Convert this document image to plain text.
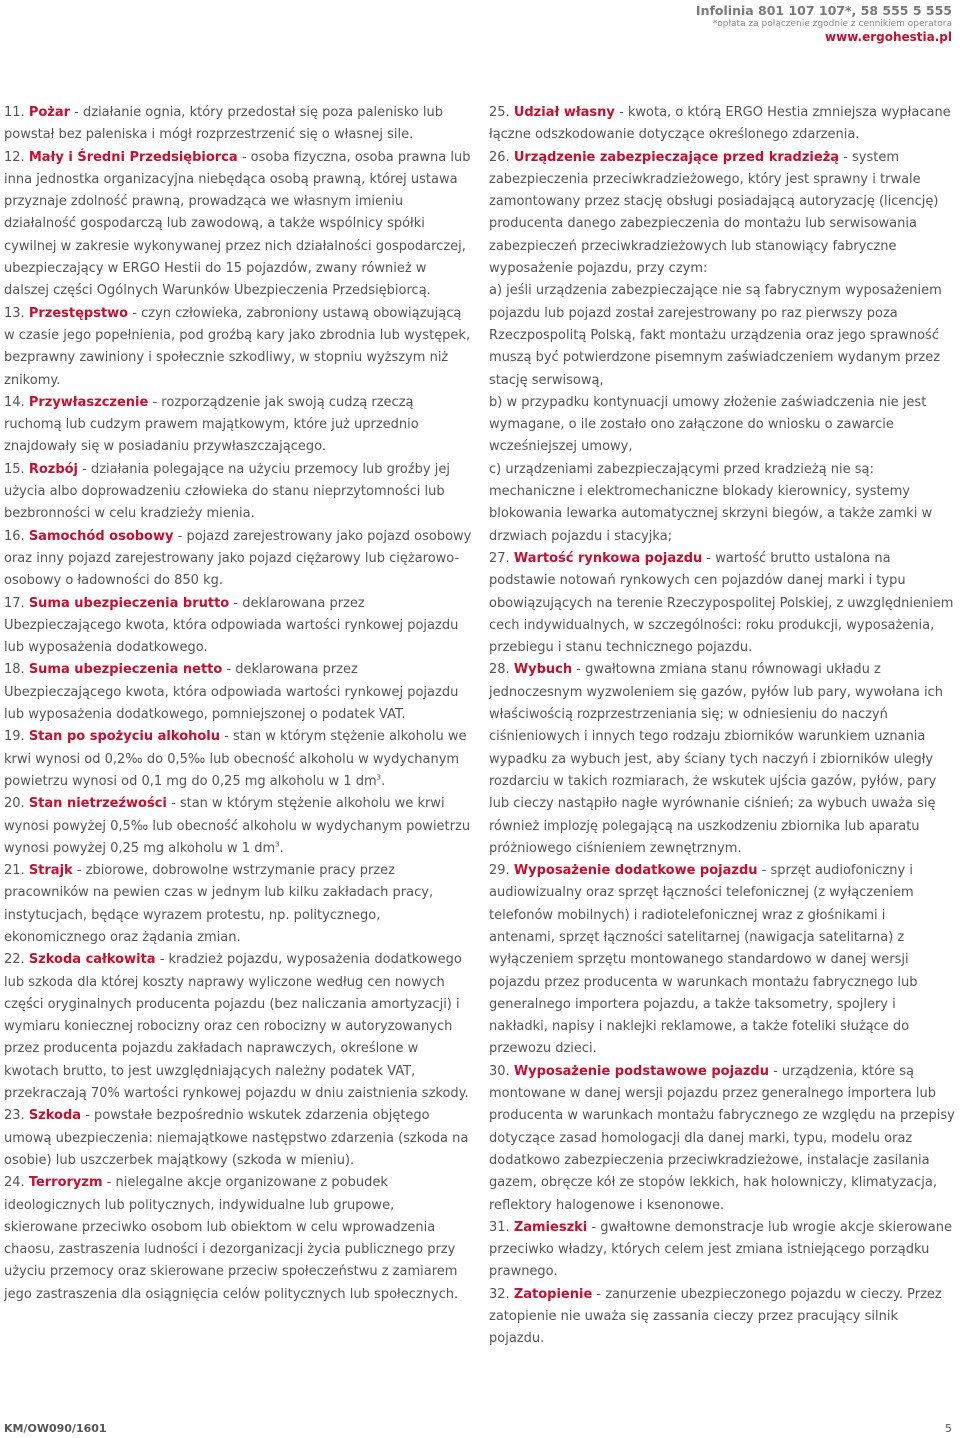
Infolinia 801 107 107*, 58 555 5 555
*opłata za połączenie zgodnie z cennikiem operatora
www.ergohestia.pl

11. Pożar - działanie ognia, który przedostał się poza palenisko lub powstał bez paleniska i mógł rozprzestrzenić się o własnej sile.

12. Mały i Średni Przedsiębiorca - osoba fizyczna, osoba prawna lub inna jednostka organizacyjna niebędąca osobą prawną, której ustawa przyznaje zdolność prawną, prowadząca we własnym imieniu działalność gospodarczą lub zawodową, a także wspólnicy spółki cywilnej w zakresie wykonywanej przez nich działalności gospodarczej, ubezpieczający w ERGO Hestii do 15 pojazdów, zwany również w dalszej części Ogólnych Warunków Ubezpieczenia Przedsiębiorcą.

13. Przestępstwo - czyn człowieka, zabroniony ustawą obowiązującą w czasie jego popełnienia, pod groźbą kary jako zbrodnia lub występek, bezprawny zawiniony i społecznie szkodliwy, w stopniu wyższym niż znikomy.

14. Przywłaszczenie - rozporządzenie jak swoją cudzą rzeczą ruchomą lub cudzym prawem majątkowym, które już uprzednio znajdowały się w posiadaniu przywłaszczającego.

15. Rozbój - działania polegające na użyciu przemocy lub groźby jej użycia albo doprowadzeniu człowieka do stanu nieprzytomności lub bezbronności w celu kradzieży mienia.

16. Samochód osobowy - pojazd zarejestrowany jako pojazd osobowy oraz inny pojazd zarejestrowany jako pojazd ciężarowy lub ciężarowo-osobowy o ładowności do 850 kg.

17. Suma ubezpieczenia brutto - deklarowana przez Ubezpieczającego kwota, która odpowiada wartości rynkowej pojazdu lub wyposażenia dodatkowego.

18. Suma ubezpieczenia netto - deklarowana przez Ubezpieczającego kwota, która odpowiada wartości rynkowej pojazdu lub wyposażenia dodatkowego, pomniejszonej o podatek VAT.

19. Stan po spożyciu alkoholu - stan w którym stężenie alkoholu we krwi wynosi od 0,2‰ do 0,5‰ lub obecność alkoholu w wydychanym powietrzu wynosi od 0,1 mg do 0,25 mg alkoholu w 1 $dm^3$.

20. Stan nietrzeźwości - stan w którym stężenie alkoholu we krwi wynosi powyżej 0,5‰ lub obecność alkoholu w wydychanym powietrzu wynosi powyżej 0,25 mg alkoholu w 1 $dm^3$.

21. Strajk - zbiorowe, dobrowolne wstrzymanie pracy przez pracowników na pewien czas w jednym lub kilku zakładach pracy, instytucjach, będące wyrazem protestu, np. politycznego, ekonomicznego oraz żądania zmian.

22. Szkoda całkowita - kradzież pojazdu, wyposażenia dodatkowego lub szkoda dla której koszty naprawy wyliczone według cen nowych części oryginalnych producenta pojazdu (bez naliczania amortyzacji) i wymiaru koniecznej robocizny oraz cen robocizny w autoryzowanych przez producenta pojazdu zakładach naprawczych, określone w kwotach brutto, to jest uwzględniających należny podatek VAT, przekraczają 70% wartości rynkowej pojazdu w dniu zaistnienia szkody.

23. Szkoda - powstałe bezpośrednio wskutek zdarzenia objętego umową ubezpieczenia: niemajątkowe następstwo zdarzenia (szkoda na osobie) lub uszczerbek majątkowy (szkoda w mieniu).

24. Terroryzm - nielegalne akcje organizowane z pobudek ideologicznych lub politycznych, indywidualne lub grupowe, skierowane przeciwko osobom lub obiektom w celu wprowadzenia chaosu, zastraszenia ludności i dezorganizacji życia publicznego przy użyciu przemocy oraz skierowane przeciw społeczeństwu z zamiarem jego zastraszenia dla osiągnięcia celów politycznych lub społecznych.

25. Udział własny - kwota, o którą ERGO Hestia zmniejsza wypłacane łączne odszkodowanie dotyczące określonego zdarzenia.

26. Urządzenie zabezpieczające przed kradzieżą - system zabezpieczenia przeciwkradzieżowego, który jest sprawny i trwale zamontowany przez stację obsługi posiadającą autoryzację (licencję) producenta danego zabezpieczenia do montażu lub serwisowania zabezpieczeń przeciwkradzieżowych lub stanowiący fabryczne wyposażenie pojazdu, przy czym:

a) jeśli urządzenia zabezpieczające nie są fabrycznym wyposażeniem pojazdu lub pojazd został zarejestrowany po raz pierwszy poza Rzeczpospolitą Polską, fakt montażu urządzenia oraz jego sprawność muszą być potwierdzone pisemnym zaświadczeniem wydanym przez stację serwisową,

b) w przypadku kontynuacji umowy złożenie zaświadczenia nie jest wymagane, o ile zostało ono załączone do wniosku o zawarcie wcześniejszej umowy,

c) urządzeniami zabezpieczającymi przed kradzieżą nie są: mechaniczne i elektromechaniczne blokady kierownicy, systemy blokowania lewarka automatycznej skrzyni biegów, a także zamki w drzwiach pojazdu i stacyjka;

27. Wartość rynkowa pojazdu - wartość brutto ustalona na podstawie notowań rynkowych cen pojazdów danej marki i typu obowiązujących na terenie Rzeczypospolitej Polskiej, z uwzględnieniem cech indywidualnych, w szczególności: roku produkcji, wyposażenia, przebiegu i stanu technicznego pojazdu.

28. Wybuch - gwałtowna zmiana stanu równowagi układu z jednoczesnym wyzwoleniem się gazów, pyłów lub pary, wywołana ich właściwością rozprzestrzeniania się; w odniesieniu do naczyń ciśnieniowych i innych tego rodzaju zbiorników warunkiem uznania wypadku za wybuch jest, aby ściany tych naczyń i zbiorników uległy rozdarciu w takich rozmiarach, że wskutek ujścia gazów, pyłów, pary lub cieczy nastąpiło nagłe wyrównanie ciśnień; za wybuch uważa się również implozję polegającą na uszkodzeniu zbiornika lub aparatu próżniowego ciśnieniem zewnętrznym.

29. Wyposażenie dodatkowe pojazdu - sprzęt audiofoniczny i audiowizualny oraz sprzęt łączności telefonicznej (z wyłączeniem telefonów mobilnych) i radiotelefonicznej wraz z głośnikami i antenami, sprzęt łączności satelitarnej (nawigacja satelitarna) z wyłączeniem sprzętu montowanego standardowo w danej wersji pojazdu przez producenta w warunkach montażu fabrycznego lub generalnego importera pojazdu, a także taksometry, spojlery i nakładki, napisy i naklejki reklamowe, a także foteliki służące do przewozu dzieci.

30. Wyposażenie podstawowe pojazdu - urządzenia, które są montowane w danej wersji pojazdu przez generalnego importera lub producenta w warunkach montażu fabrycznego ze względu na przepisy dotyczące zasad homologacji dla danej marki, typu, modelu oraz dodatkowo zabezpieczenia przeciwkradzieżowe, instalacje zasilania gazem, obręcze kół ze stopów lekkich, hak holowniczy, klimatyzacja, reflektory halogenowe i ksenonowe.

31. Zamieszki - gwałtowne demonstracje lub wrogie akcje skierowane przeciwko władzy, których celem jest zmiana istniejącego porządku prawnego.

32. Zatopienie - zanurzenie ubezpieczonego pojazdu w cieczy. Przez zatopienie nie uważa się zassania cieczy przez pracujący silnik pojazdu.

KM/OW090/1601	5
